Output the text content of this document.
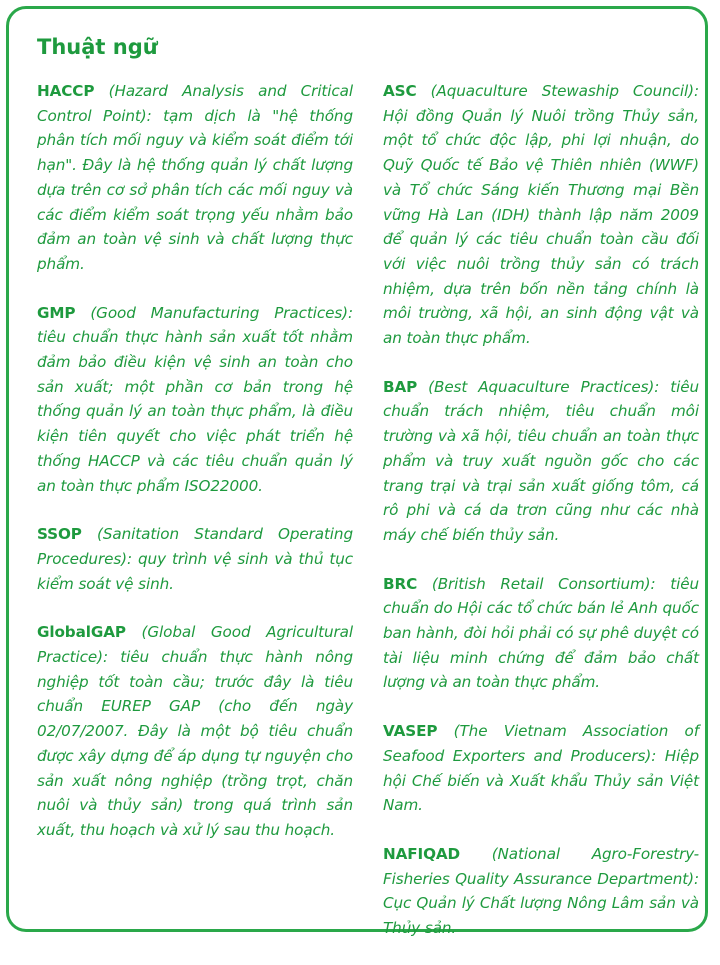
Thuật ngữ

HACCP (Hazard Analysis and Critical Control Point): tạm dịch là "hệ thống phân tích mối nguy và kiểm soát điểm tới hạn". Đây là hệ thống quản lý chất lượng dựa trên cơ sở phân tích các mối nguy và các điểm kiểm soát trọng yếu nhằm bảo đảm an toàn vệ sinh và chất lượng thực phẩm.

GMP (Good Manufacturing Practices): tiêu chuẩn thực hành sản xuất tốt nhằm đảm bảo điều kiện vệ sinh an toàn cho sản xuất; một phần cơ bản trong hệ thống quản lý an toàn thực phẩm, là điều kiện tiên quyết cho việc phát triển hệ thống HACCP và các tiêu chuẩn quản lý an toàn thực phẩm ISO22000.

SSOP (Sanitation Standard Operating Procedures): quy trình vệ sinh và thủ tục kiểm soát vệ sinh.

GlobalGAP (Global Good Agricultural Practice): tiêu chuẩn thực hành nông nghiệp tốt toàn cầu; trước đây là tiêu chuẩn EUREP GAP (cho đến ngày 02/07/2007. Đây là một bộ tiêu chuẩn được xây dựng để áp dụng tự nguyện cho sản xuất nông nghiệp (trồng trọt, chăn nuôi và thủy sản) trong quá trình sản xuất, thu hoạch và xử lý sau thu hoạch.

ASC (Aquaculture Stewaship Council): Hội đồng Quản lý Nuôi trồng Thủy sản, một tổ chức độc lập, phi lợi nhuận, do Quỹ Quốc tế Bảo vệ Thiên nhiên (WWF) và Tổ chức Sáng kiến Thương mại Bền vững Hà Lan (IDH) thành lập năm 2009 để quản lý các tiêu chuẩn toàn cầu đối với việc nuôi trồng thủy sản có trách nhiệm, dựa trên bốn nền tảng chính là môi trường, xã hội, an sinh động vật và an toàn thực phẩm.

BAP (Best Aquaculture Practices): tiêu chuẩn trách nhiệm, tiêu chuẩn môi trường và xã hội, tiêu chuẩn an toàn thực phẩm và truy xuất nguồn gốc cho các trang trại và trại sản xuất giống tôm, cá rô phi và cá da trơn cũng như các nhà máy chế biến thủy sản.

BRC (British Retail Consortium): tiêu chuẩn do Hội các tổ chức bán lẻ Anh quốc ban hành, đòi hỏi phải có sự phê duyệt có tài liệu minh chứng để đảm bảo chất lượng và an toàn thực phẩm.

VASEP (The Vietnam Association of Seafood Exporters and Producers): Hiệp hội Chế biến và Xuất khẩu Thủy sản Việt Nam.

NAFIQAD (National Agro-Forestry-Fisheries Quality Assurance Department): Cục Quản lý Chất lượng Nông Lâm sản và Thủy sản.
